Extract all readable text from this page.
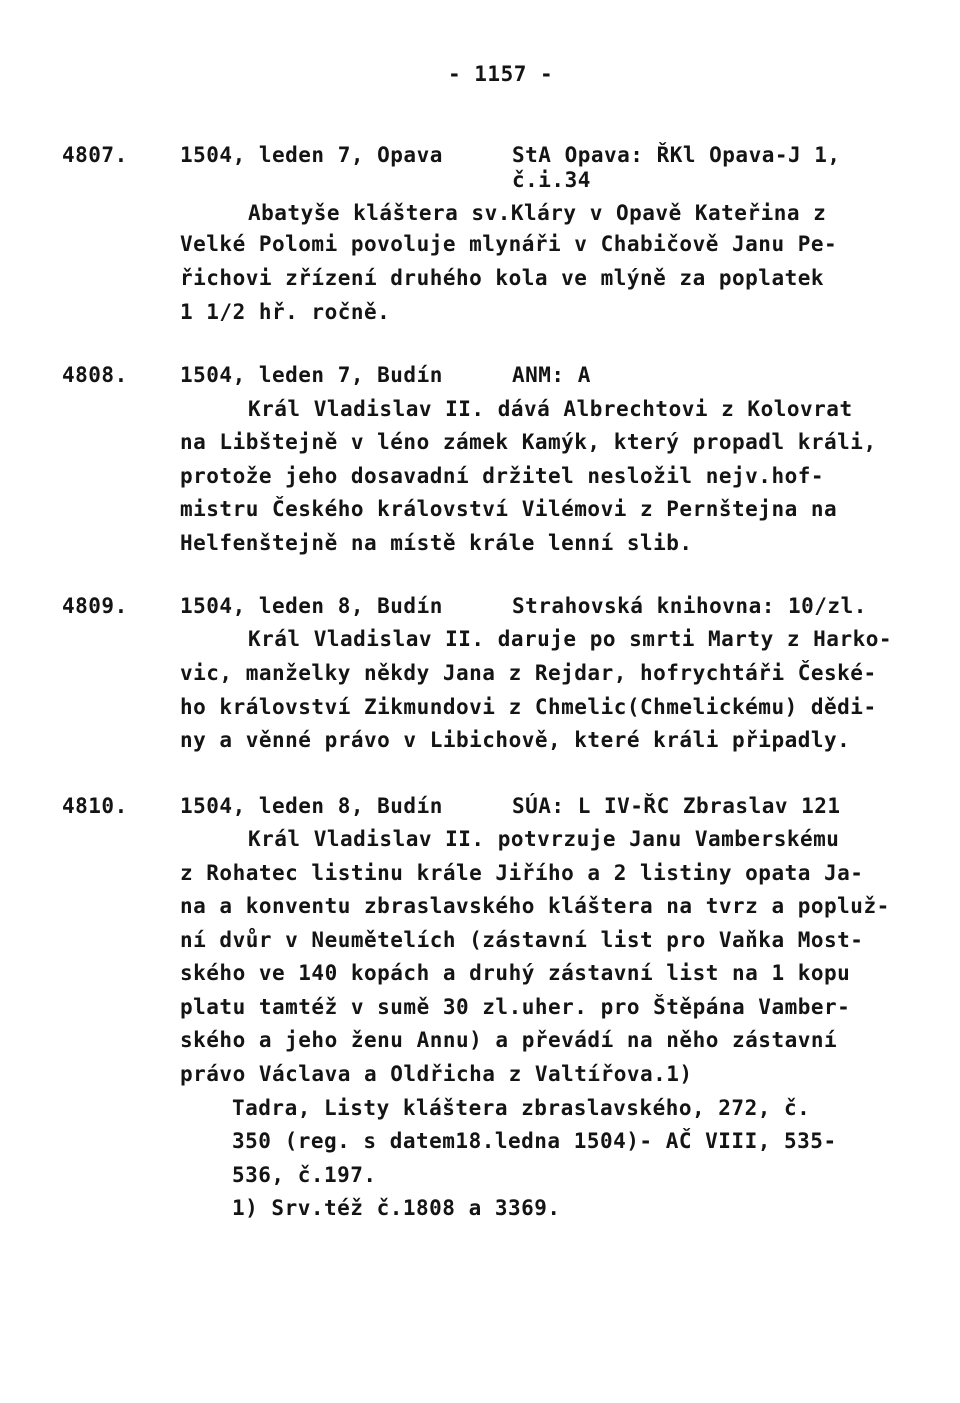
- 1157 -
4807. 1504, leden 7, Opava	StA Opava: ŘKl Opava-J 1,
č.i.34
Abatyše kláštera sv.Kláry v Opavě Kateřina z
Velké Polomi povoluje mlynáři v Chabičově Janu Pe-
řichovi zřízení druhého kola ve mlýně za poplatek
1 1/2 hř. ročně.
4808. 1504, leden 7, Budín	ANM: A
Král Vladislav II. dává Albrechtovi z Kolovrat
na Libštejně v léno zámek Kamýk, který propadl králi,
protože jeho dosavadní držitel nesložil nejv.hof-
mistru Českého království Vilémovi z Pernštejna na
Helfenštejně na místě krále lenní slib.
4809. 1504, leden 8, Budín	Strahovská knihovna: 10/zl.
Král Vladislav II. daruje po smrti Marty z Harko-
vic, manželky někdy Jana z Rejdar, hofrychtáři České-
ho království Zikmundovi z Chmelic(Chmelickému) dědi-
ny a věnné právo v Libichově, které králi připadly.
4810. 1504, leden 8, Budín	SÚA: L IV-ŘC Zbraslav 121
Král Vladislav II. potvrzuje Janu Vamberskému
z Rohatec listinu krále Jiřího a 2 listiny opata Ja-
na a konventu zbraslavského kláštera na tvrz a popluž-
ní dvůr v Neumětelích (zástavní list pro Vaňka Most-
ského ve 140 kopách a druhý zástavní list na 1 kopu
platu tamtéž v sumě 30 zl.uher. pro Štěpána Vamber-
ského a jeho ženu Annu) a převádí na něho zástavní
právo Václava a Oldřicha z Valtířova.1)
Tadra, Listy kláštera zbraslavského, 272, č.
350 (reg. s datem18.ledna 1504)- AČ VIII, 535-
536, č.197.
1) Srv.též č.1808 a 3369.
